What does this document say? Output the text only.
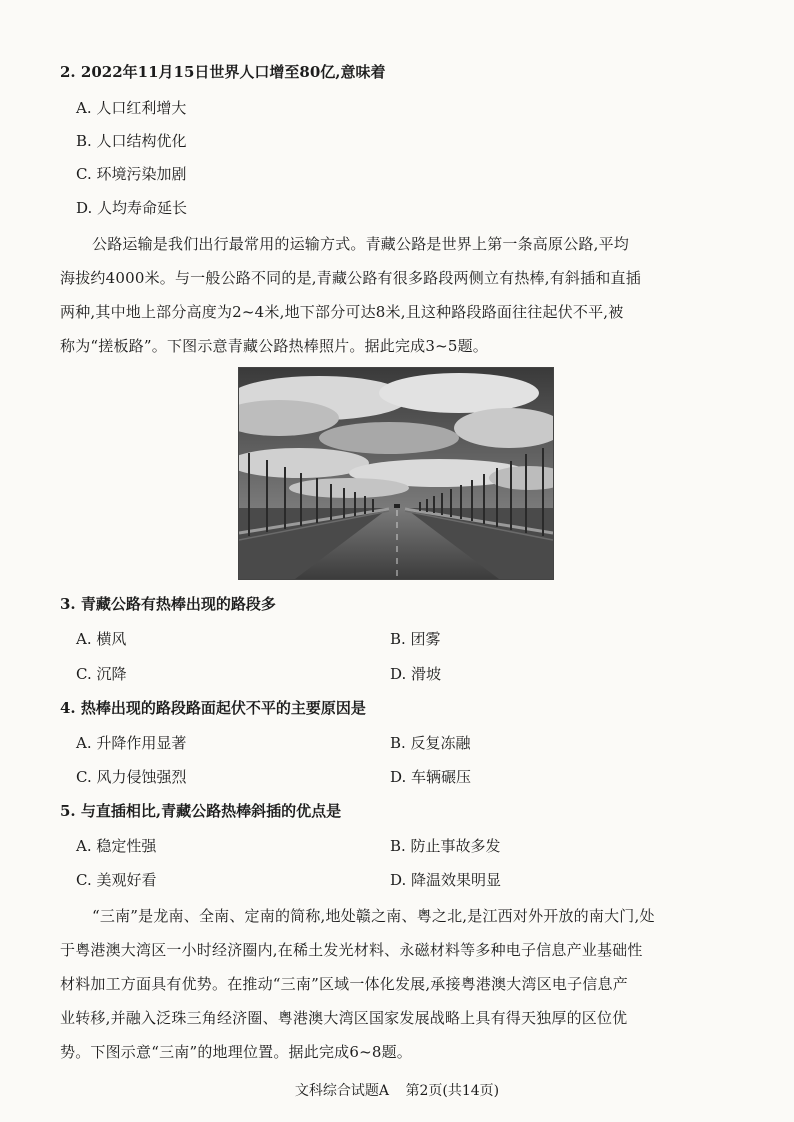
2. 2022年11月15日世界人口增至80亿,意味着
A. 人口红利增大
B. 人口结构优化
C. 环境污染加剧
D. 人均寿命延长
公路运输是我们出行最常用的运输方式。青藏公路是世界上第一条高原公路,平均
海拔约4000米。与一般公路不同的是,青藏公路有很多路段两侧立有热棒,有斜插和直插
两种,其中地上部分高度为2~4米,地下部分可达8米,且这种路段路面往往起伏不平,被
称为“搓板路”。下图示意青藏公路热棒照片。据此完成3~5题。
3. 青藏公路有热棒出现的路段多
A. 横风	B. 团雾
C. 沉降	D. 滑坡
4. 热棒出现的路段路面起伏不平的主要原因是
A. 升降作用显著	B. 反复冻融
C. 风力侵蚀强烈	D. 车辆碾压
5. 与直插相比,青藏公路热棒斜插的优点是
A. 稳定性强	B. 防止事故多发
C. 美观好看	D. 降温效果明显
“三南”是龙南、全南、定南的简称,地处赣之南、粤之北,是江西对外开放的南大门,处
于粤港澳大湾区一小时经济圈内,在稀土发光材料、永磁材料等多种电子信息产业基础性
材料加工方面具有优势。在推动“三南”区域一体化发展,承接粤港澳大湾区电子信息产
业转移,并融入泛珠三角经济圈、粤港澳大湾区国家发展战略上具有得天独厚的区位优
势。下图示意“三南”的地理位置。据此完成6~8题。
文科综合试题A 第2页(共14页)
